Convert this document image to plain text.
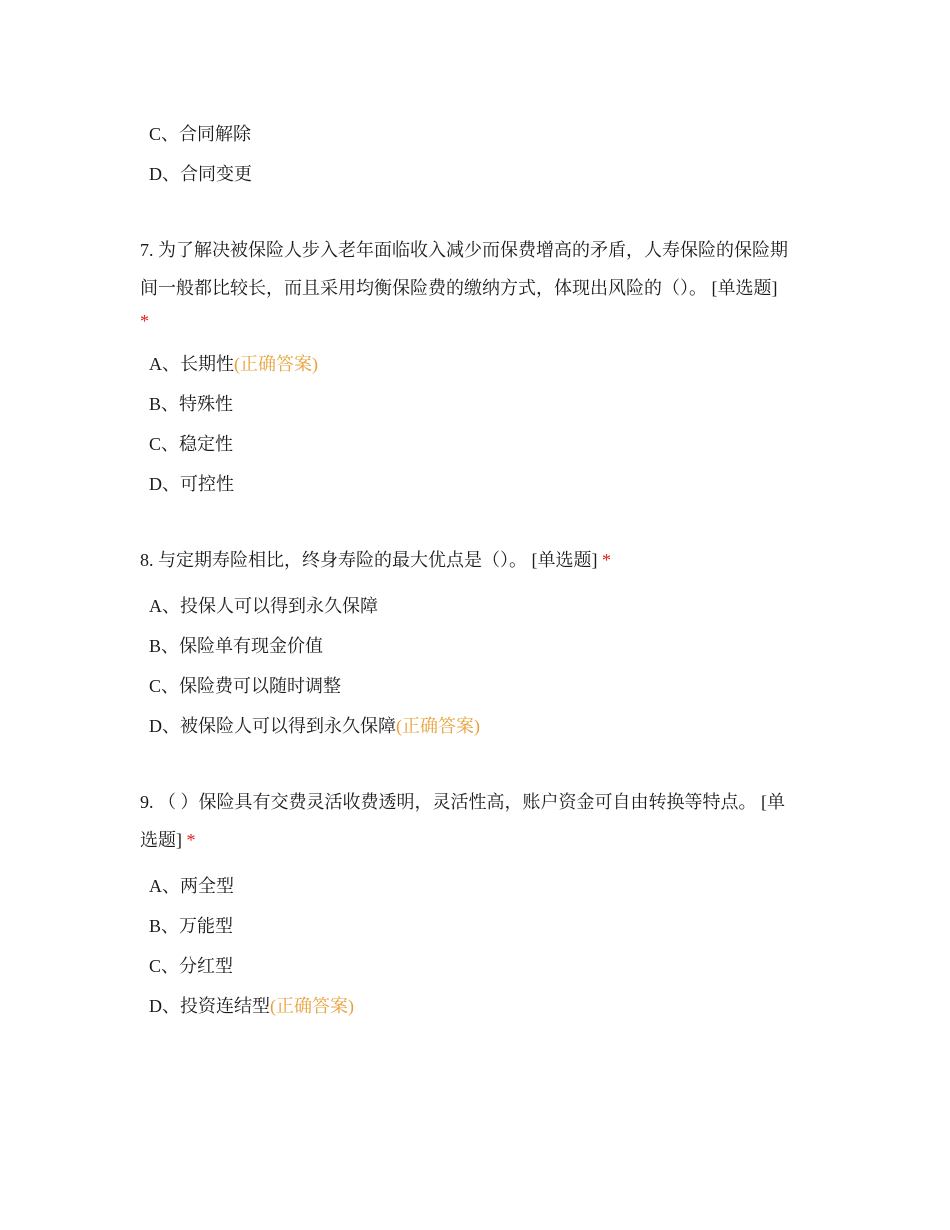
C、合同解除
D、合同变更
7. 为了解决被保险人步入老年面临收入减少而保费增高的矛盾，人寿保险的保险期
间一般都比较长，而且采用均衡保险费的缴纳方式，体现出风险的（）。 [单选题]
*
A、长期性(正确答案)
B、特殊性
C、稳定性
D、可控性
8. 与定期寿险相比，终身寿险的最大优点是（）。 [单选题] *
A、投保人可以得到永久保障
B、保险单有现金价值
C、保险费可以随时调整
D、被保险人可以得到永久保障(正确答案)
9. （ ）保险具有交费灵活收费透明，灵活性高，账户资金可自由转换等特点。 [单
选题] *
A、两全型
B、万能型
C、分红型
D、投资连结型(正确答案)
